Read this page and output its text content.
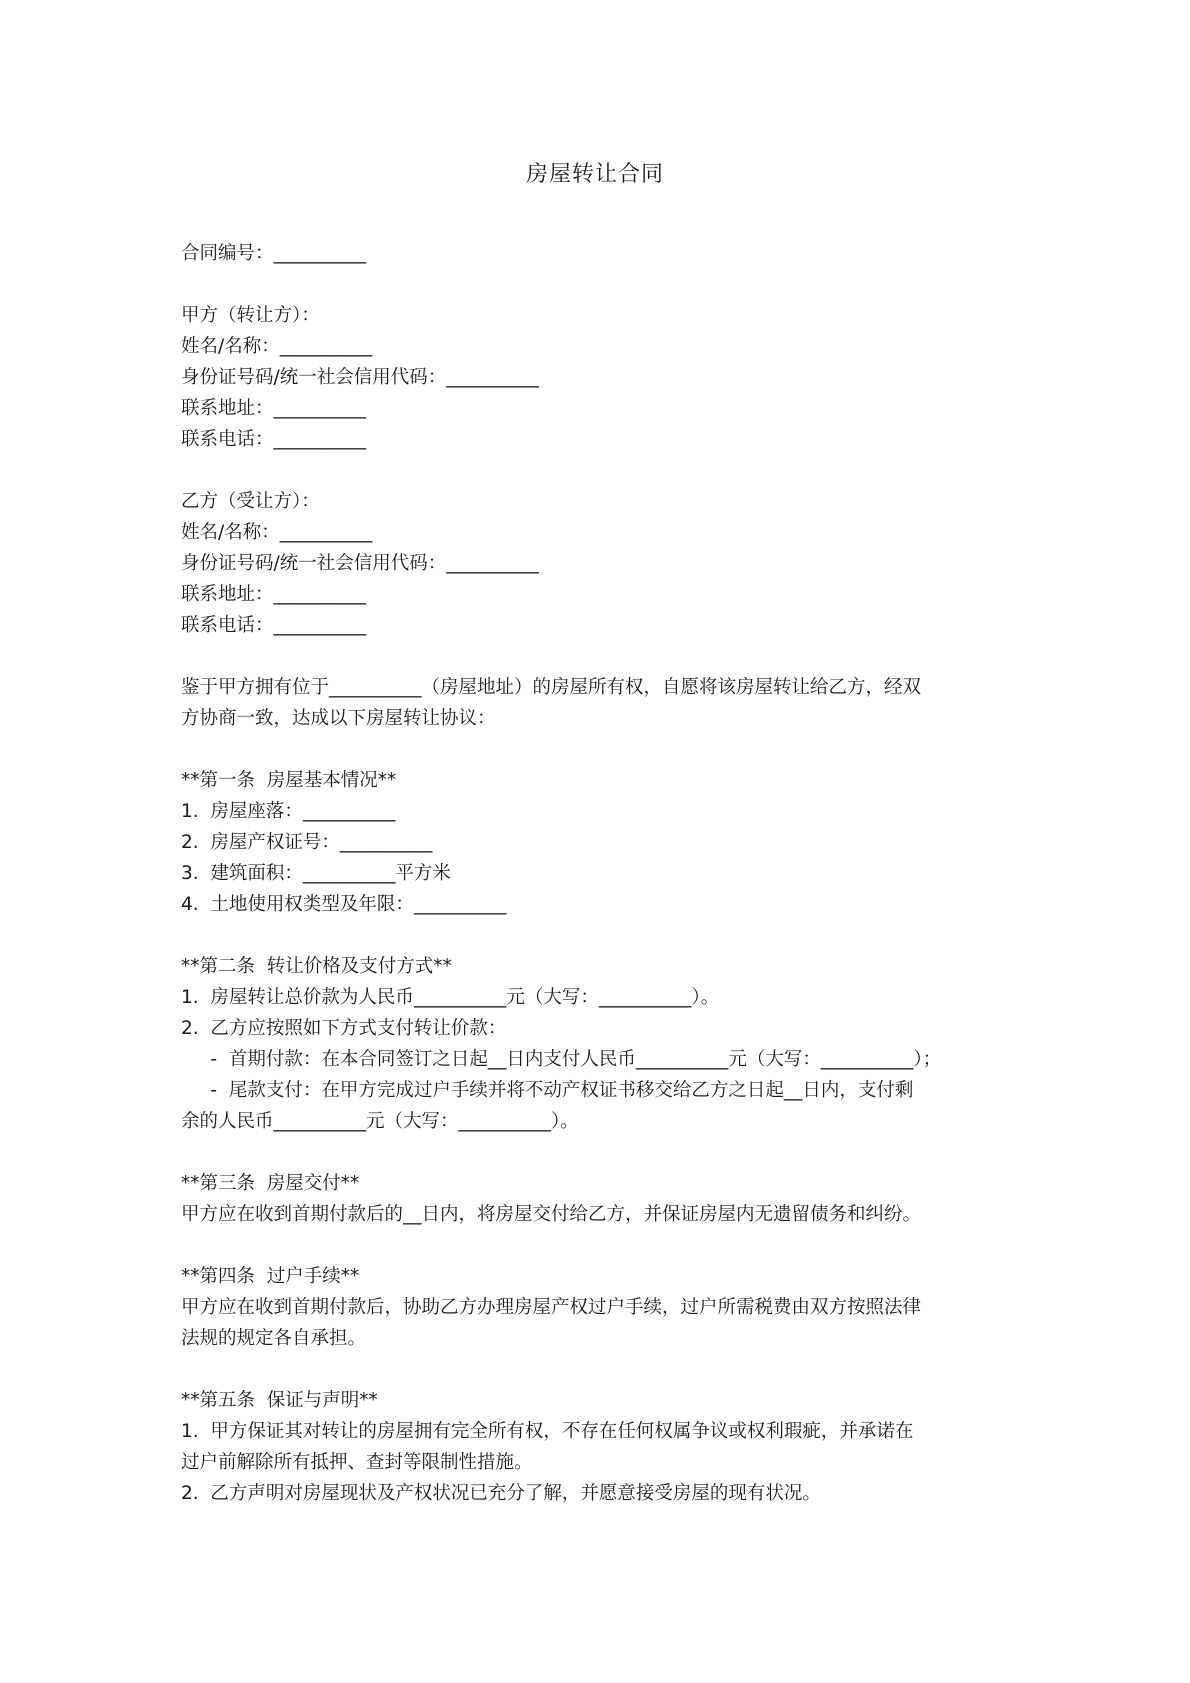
房屋转让合同
合同编号：__________
甲方（转让方）：
姓名/名称：__________
身份证号码/统一社会信用代码：__________
联系地址：__________
联系电话：__________
乙方（受让方）：
姓名/名称：__________
身份证号码/统一社会信用代码：__________
联系地址：__________
联系电话：__________
鉴于甲方拥有位于__________（房屋地址）的房屋所有权，自愿将该房屋转让给乙方，经双
方协商一致，达成以下房屋转让协议：
**第一条  房屋基本情况**
1.  房屋座落：__________
2.  房屋产权证号：__________
3.  建筑面积：__________平方米
4.  土地使用权类型及年限：__________
**第二条  转让价格及支付方式**
1.  房屋转让总价款为人民币__________元（大写：__________）。
2.  乙方应按照如下方式支付转让价款：
-  首期付款：在本合同签订之日起__日内支付人民币__________元（大写：__________）；
-  尾款支付：在甲方完成过户手续并将不动产权证书移交给乙方之日起__日内，支付剩
余的人民币__________元（大写：__________）。
**第三条  房屋交付**
甲方应在收到首期付款后的__日内，将房屋交付给乙方，并保证房屋内无遗留债务和纠纷。
**第四条  过户手续**
甲方应在收到首期付款后，协助乙方办理房屋产权过户手续，过户所需税费由双方按照法律
法规的规定各自承担。
**第五条  保证与声明**
1.  甲方保证其对转让的房屋拥有完全所有权，不存在任何权属争议或权利瑕疵，并承诺在
过户前解除所有抵押、查封等限制性措施。
2.  乙方声明对房屋现状及产权状况已充分了解，并愿意接受房屋的现有状况。
